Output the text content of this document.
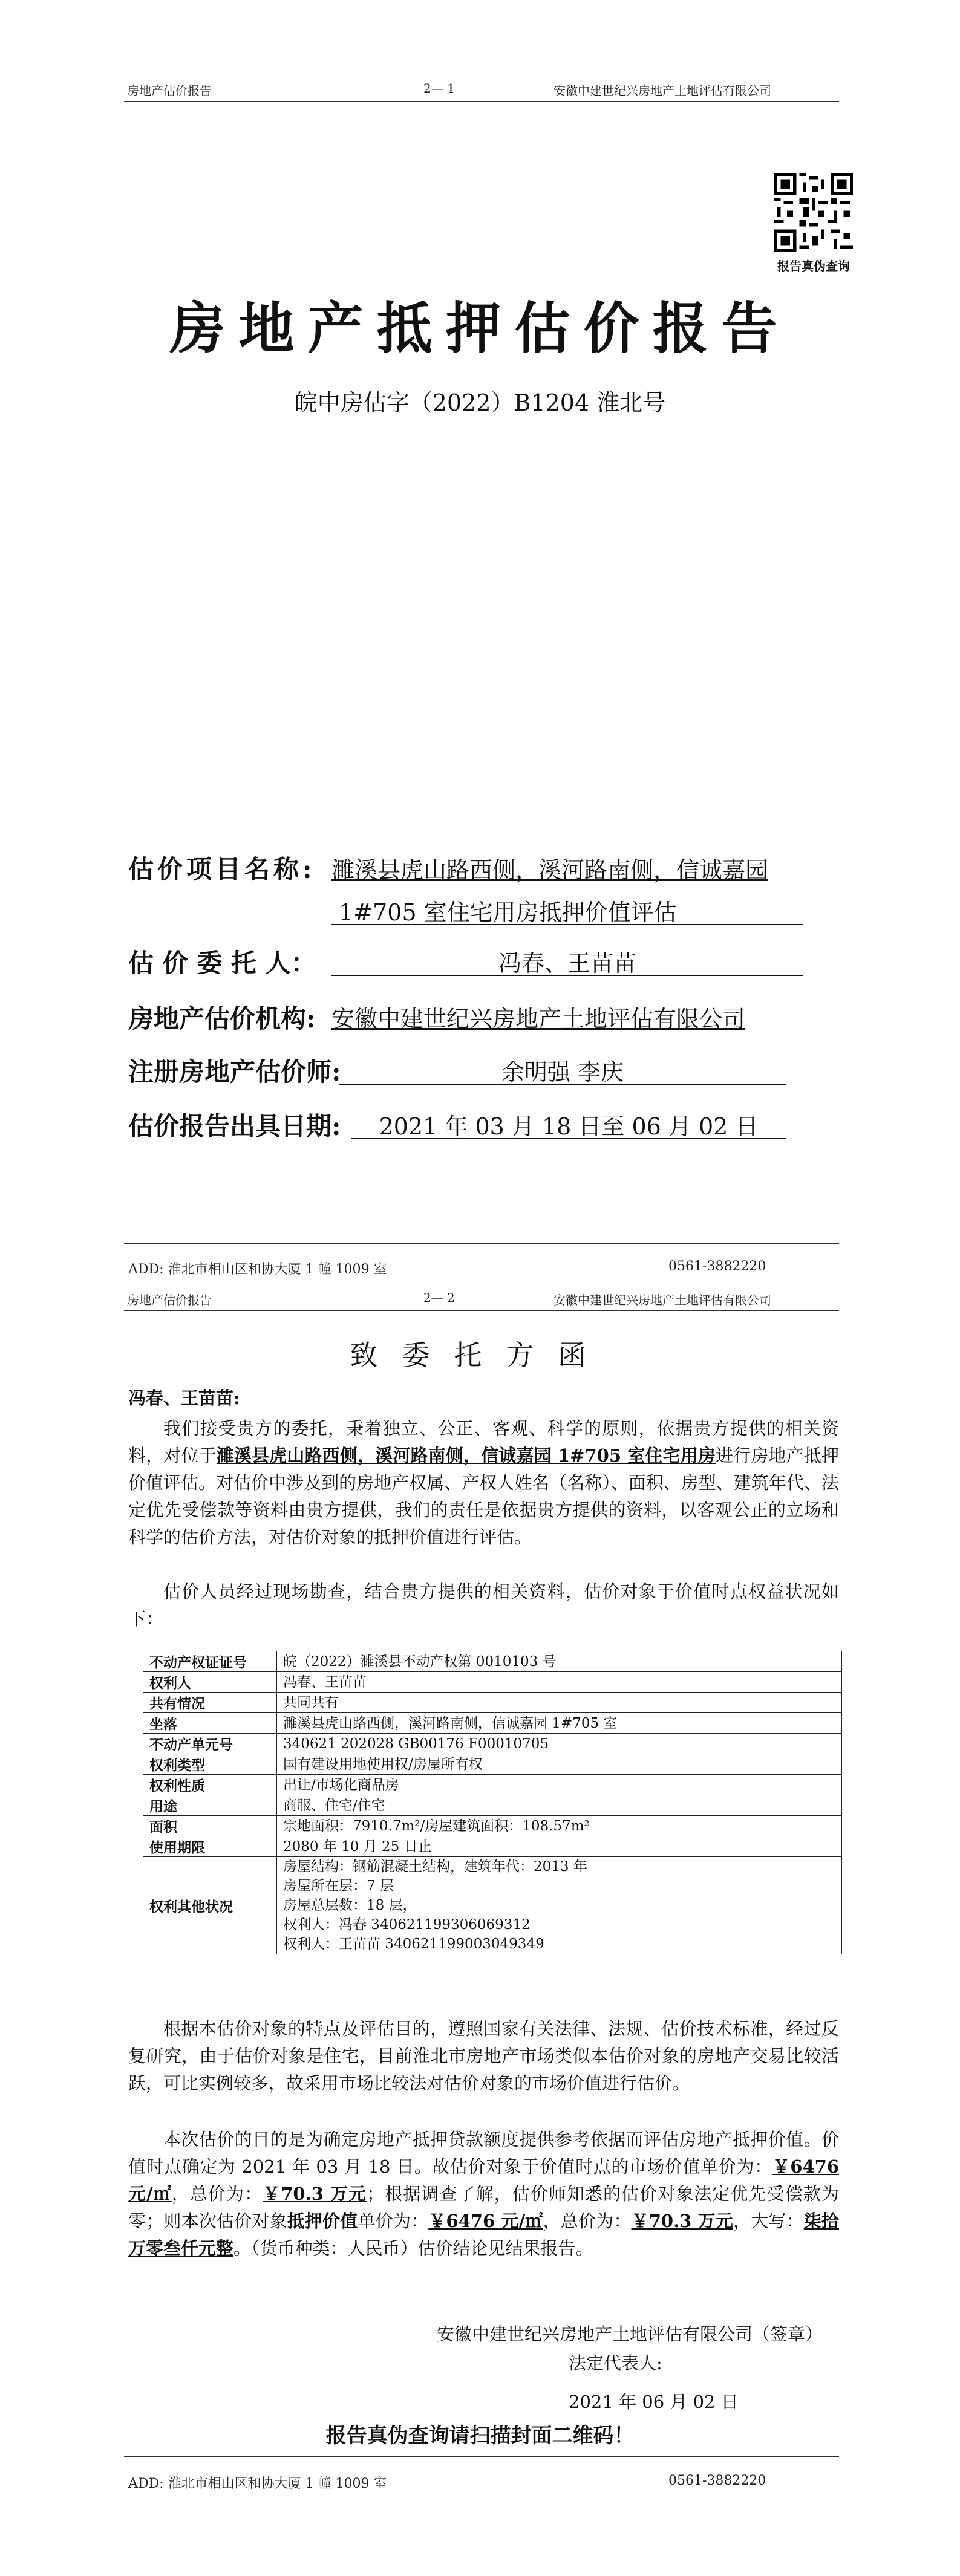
房地产估价报告	2— 1	安徽中建世纪兴房地产土地评估有限公司
报告真伪查询
房地产抵押估价报告
皖中房估字（2022）B1204 淮北号
估价项目名称: 濉溪县虎山路西侧，溪河路南侧，信诚嘉园
1#705 室住宅用房抵押价值评估
估 价 委 托 人：	冯春、王苗苗
房地产估价机构: 安徽中建世纪兴房地产土地评估有限公司
注册房地产估价师:	余明强 李庆
估价报告出具日期:	2021 年 03 月 18 日至 06 月 02 日
ADD: 淮北市相山区和协大厦 1 幢 1009 室	0561-3882220
房地产估价报告	2— 2	安徽中建世纪兴房地产土地评估有限公司
致委托方函
冯春、王苗苗:
我们接受贵方的委托，秉着独立、公正、客观、科学的原则，依据贵方提供的相关资料，对位于濉溪县虎山路西侧，溪河路南侧，信诚嘉园 1#705 室住宅用房进行房地产抵押价值评估。对估价中涉及到的房地产权属、产权人姓名（名称）、面积、房型、建筑年代、法定优先受偿款等资料由贵方提供，我们的责任是依据贵方提供的资料，以客观公正的立场和科学的估价方法，对估价对象的抵押价值进行评估。
估价人员经过现场勘查，结合贵方提供的相关资料，估价对象于价值时点权益状况如下：
不动产权证证号	皖（2022）濉溪县不动产权第 0010103 号

权利人	冯春、王苗苗

共有情况	共同共有

坐落	濉溪县虎山路西侧，溪河路南侧，信诚嘉园 1#705 室

不动产单元号	340621 202028 GB00176 F00010705

权利类型	国有建设用地使用权/房屋所有权

权利性质	出让/市场化商品房

用途	商服、住宅/住宅

面积	宗地面积：7910.7m²/房屋建筑面积：108.57m²

使用期限	2080 年 10 月 25 日止

权利其他状况	房屋结构：钢筋混凝土结构，建筑年代：2013 年
房屋所在层：7 层
房屋总层数：18 层，
权利人：冯春 340621199306069312
权利人：王苗苗 340621199003049349
根据本估价对象的特点及评估目的，遵照国家有关法律、法规、估价技术标准，经过反复研究，由于估价对象是住宅，目前淮北市房地产市场类似本估价对象的房地产交易比较活跃，可比实例较多，故采用市场比较法对估价对象的市场价值进行估价。
本次估价的目的是为确定房地产抵押贷款额度提供参考依据而评估房地产抵押价值。价值时点确定为 2021 年 03 月 18 日。故估价对象于价值时点的市场价值单价为：￥6476 元/㎡，总价为：￥70.3 万元；根据调查了解，估价师知悉的估价对象法定优先受偿款为零；则本次估价对象抵押价值单价为：￥6476 元/㎡，总价为：￥70.3 万元，大写：柒拾万零叁仟元整。（货币种类：人民币）估价结论见结果报告。
安徽中建世纪兴房地产土地评估有限公司（签章）
法定代表人:
2021 年 06 月 02 日
报告真伪查询请扫描封面二维码！
ADD: 淮北市相山区和协大厦 1 幢 1009 室	0561-3882220
